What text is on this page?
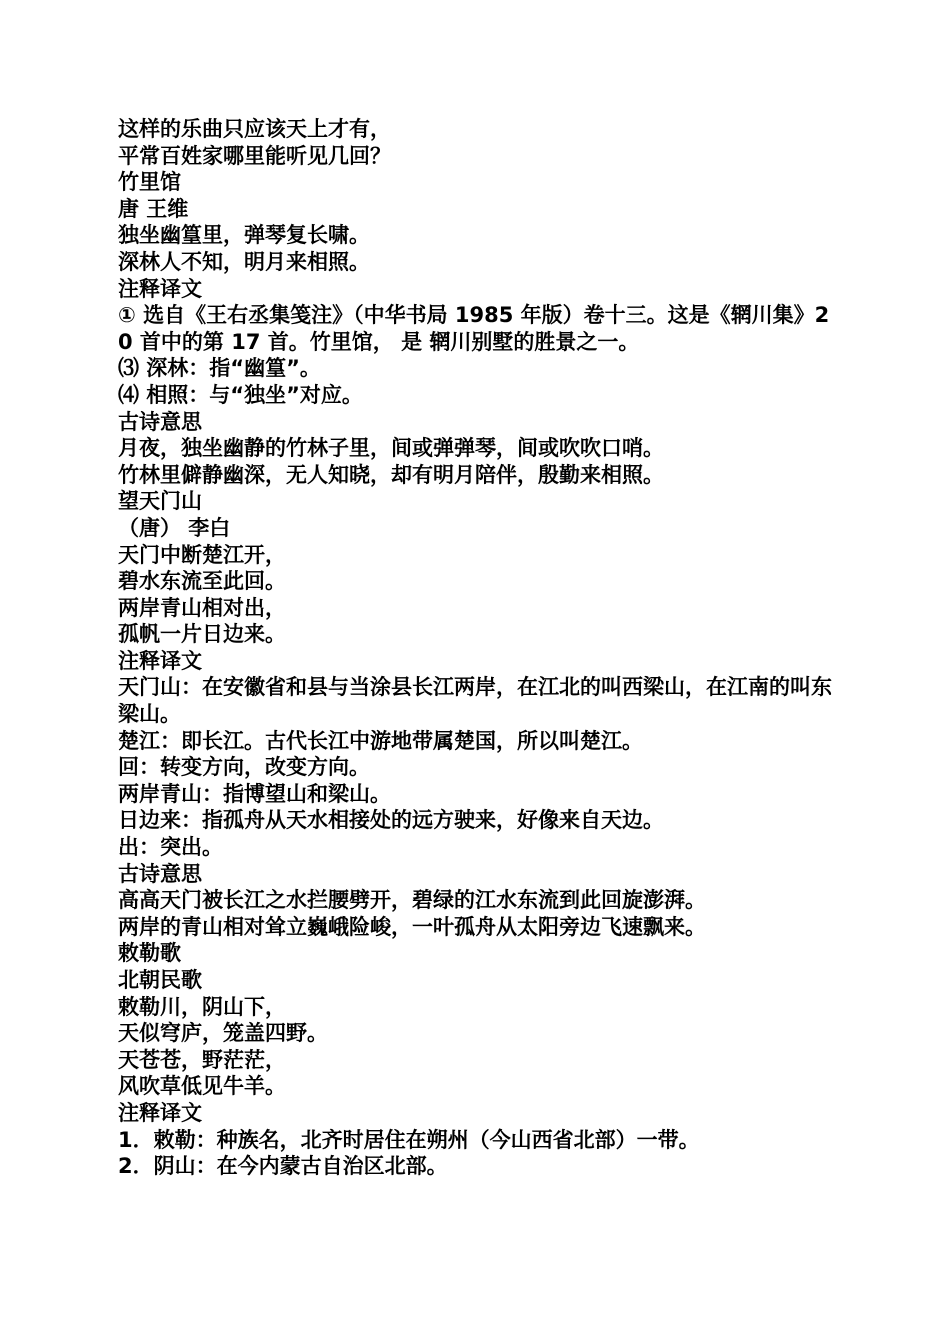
这样的乐曲只应该天上才有，
平常百姓家哪里能听见几回？
竹里馆
唐 王维
独坐幽篁里，弹琴复长啸。
深林人不知，明月来相照。
注释译文
① 选自《王右丞集笺注》（中华书局 1985 年版）卷十三。这是《辋川集》20 首中的第 17 首。竹里馆， 是 辋川别墅的胜景之一。
⑶ 深林：指“幽篁”。
⑷ 相照：与“独坐”对应。
古诗意思
月夜，独坐幽静的竹林子里，间或弹弹琴，间或吹吹口哨。
竹林里僻静幽深，无人知晓，却有明月陪伴，殷勤来相照。
望天门山
（唐） 李白
天门中断楚江开，
碧水东流至此回。
两岸青山相对出，
孤帆一片日边来。
注释译文
天门山：在安徽省和县与当涂县长江两岸，在江北的叫西梁山，在江南的叫东梁山。
楚江：即长江。古代长江中游地带属楚国，所以叫楚江。
回：转变方向，改变方向。
两岸青山：指博望山和梁山。
日边来：指孤舟从天水相接处的远方驶来，好像来自天边。
出：突出。
古诗意思
高高天门被长江之水拦腰劈开，碧绿的江水东流到此回旋澎湃。
两岸的青山相对耸立巍峨险峻，一叶孤舟从太阳旁边飞速飘来。
敕勒歌
北朝民歌
敕勒川，阴山下，
天似穹庐，笼盖四野。
天苍苍，野茫茫，
风吹草低见牛羊。
注释译文
1．敕勒：种族名，北齐时居住在朔州（今山西省北部）一带。
2．阴山：在今内蒙古自治区北部。
